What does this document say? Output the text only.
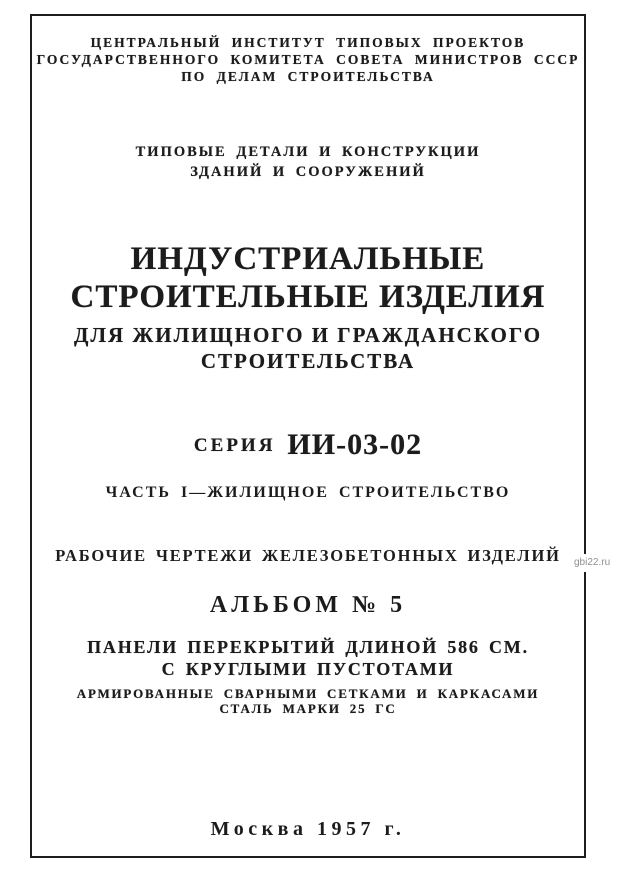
ЦЕНТРАЛЬНЫЙ ИНСТИТУТ ТИПОВЫХ ПРОЕКТОВ
ГОСУДАРСТВЕННОГО КОМИТЕТА СОВЕТА МИНИСТРОВ СССР
ПО ДЕЛАМ СТРОИТЕЛЬСТВА
ТИПОВЫЕ ДЕТАЛИ И КОНСТРУКЦИИ
ЗДАНИЙ И СООРУЖЕНИЙ
ИНДУСТРИАЛЬНЫЕ
СТРОИТЕЛЬНЫЕ ИЗДЕЛИЯ
ДЛЯ ЖИЛИЩНОГО И ГРАЖДАНСКОГО
СТРОИТЕЛЬСТВА
СЕРИЯ ИИ-03-02
ЧАСТЬ I—ЖИЛИЩНОЕ СТРОИТЕЛЬСТВО
РАБОЧИЕ ЧЕРТЕЖИ ЖЕЛЕЗОБЕТОННЫХ ИЗДЕЛИЙ
АЛЬБОМ № 5
ПАНЕЛИ ПЕРЕКРЫТИЙ ДЛИНОЙ 586 СМ.
С КРУГЛЫМИ ПУСТОТАМИ
АРМИРОВАННЫЕ СВАРНЫМИ СЕТКАМИ И КАРКАСАМИ
СТАЛЬ МАРКИ 25 ГС
Москва 1957 г.
gbi22.ru
